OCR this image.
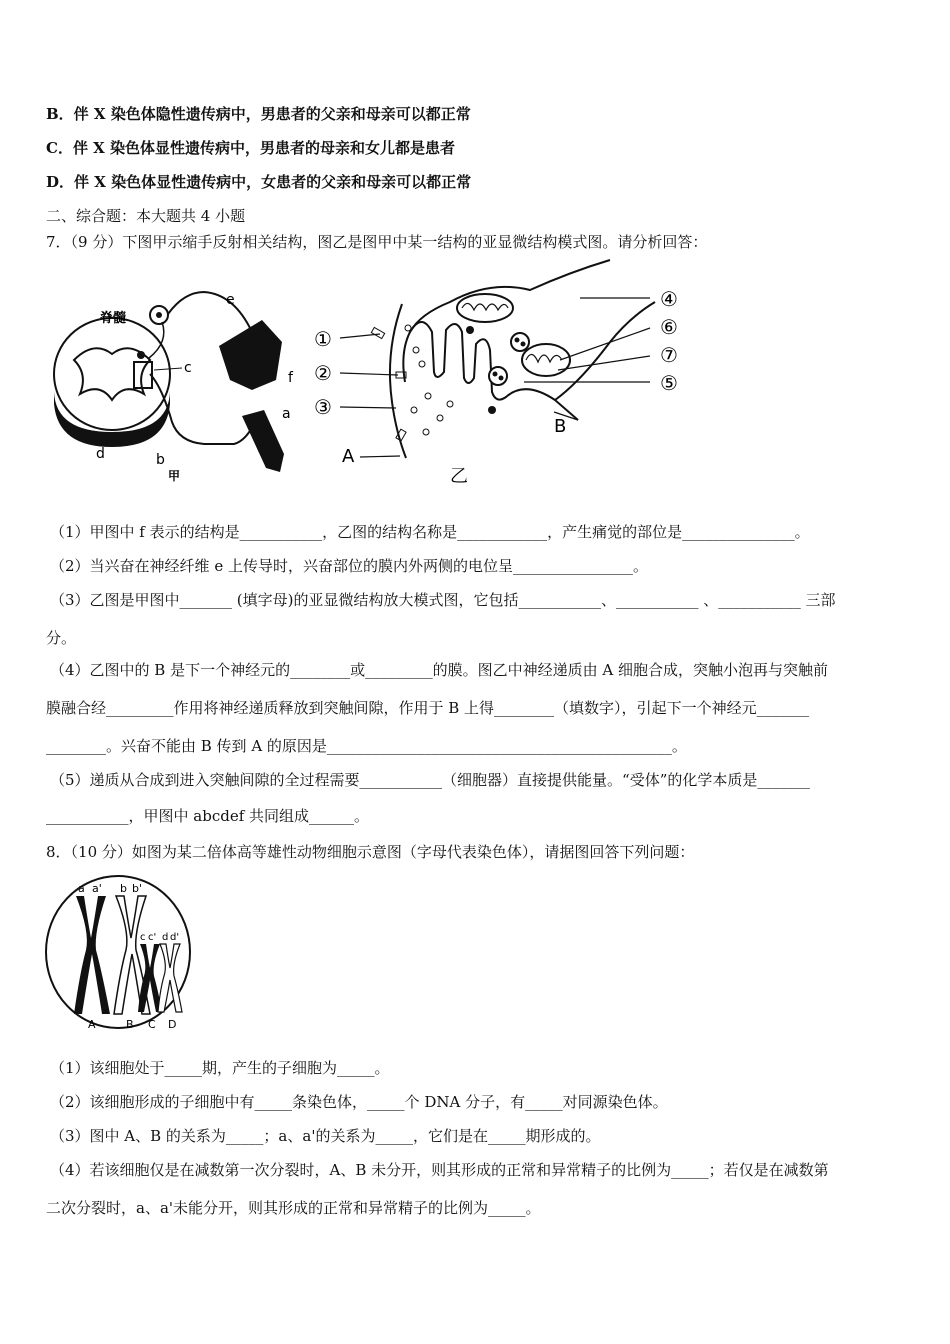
B．伴 X 染色体隐性遗传病中，男患者的父亲和母亲可以都正常
C．伴 X 染色体显性遗传病中，男患者的母亲和女儿都是患者
D．伴 X 染色体显性遗传病中，女患者的父亲和母亲可以都正常
二、综合题：本大题共 4 小题
7．（9 分）下图甲示缩手反射相关结构，图乙是图甲中某一结构的亚显微结构模式图。请分析回答：
脊髓
e
c
f
a
d	b
甲
①
②
③
A
④
⑥
⑦
⑤
B
乙
（1）甲图中 f 表示的结构是___________，乙图的结构名称是____________，产生痛觉的部位是_______________。
（2）当兴奋在神经纤维 e 上传导时，兴奋部位的膜内外两侧的电位呈________________。
（3）乙图是甲图中_______ (填字母)的亚显微结构放大模式图，它包括___________、___________ 、___________ 三部
分。
（4）乙图中的 B 是下一个神经元的________或_________的膜。图乙中神经递质由 A 细胞合成，突触小泡再与突触前
膜融合经_________作用将神经递质释放到突触间隙，作用于 B 上得________（填数字），引起下一个神经元_______
________。兴奋不能由 B 传到 A 的原因是______________________________________________。
（5）递质从合成到进入突触间隙的全过程需要___________（细胞器）直接提供能量。“受体”的化学本质是_______
___________，甲图中 abcdef 共同组成______。
8．（10 分）如图为某二倍体高等雄性动物细胞示意图（字母代表染色体），请据图回答下列问题：
a a' b b'
c c' d d'
A	B C D
（1）该细胞处于_____期，产生的子细胞为_____。
（2）该细胞形成的子细胞中有_____条染色体，_____个 DNA 分子，有_____对同源染色体。
（3）图中 A、B 的关系为_____；a、a'的关系为_____，它们是在_____期形成的。
（4）若该细胞仅是在减数第一次分裂时，A、B 未分开，则其形成的正常和异常精子的比例为_____；若仅是在减数第
二次分裂时，a、a'未能分开，则其形成的正常和异常精子的比例为_____。
